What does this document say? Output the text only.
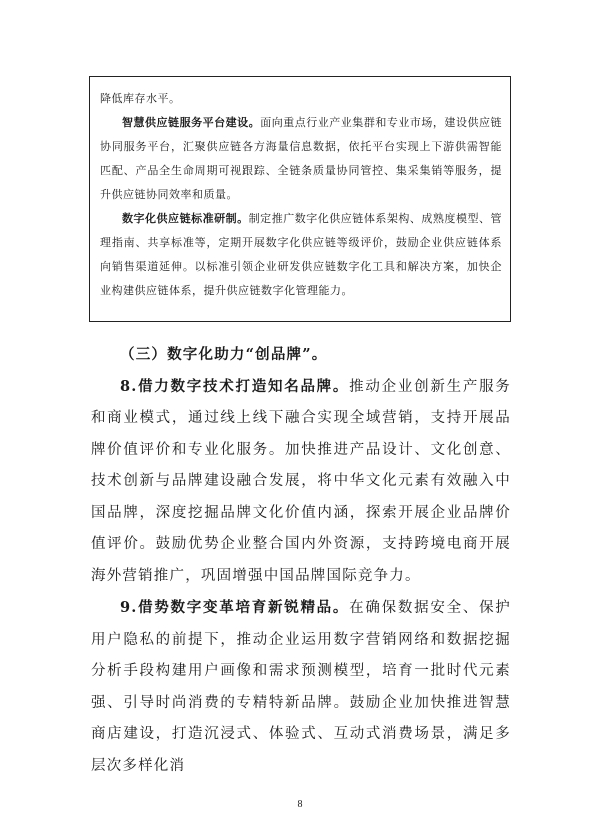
降低库存水平。

智慧供应链服务平台建设。面向重点行业产业集群和专业市场，建设供应链协同服务平台，汇聚供应链各方海量信息数据，依托平台实现上下游供需智能匹配、产品全生命周期可视跟踪、全链条质量协同管控、集采集销等服务，提升供应链协同效率和质量。

数字化供应链标准研制。制定推广数字化供应链体系架构、成熟度模型、管理指南、共享标准等，定期开展数字化供应链等级评价，鼓励企业供应链体系向销售渠道延伸。以标准引领企业研发供应链数字化工具和解决方案，加快企业构建供应链体系，提升供应链数字化管理能力。

（三）数字化助力“创品牌”。

8.借力数字技术打造知名品牌。推动企业创新生产服务和商业模式，通过线上线下融合实现全域营销，支持开展品牌价值评价和专业化服务。加快推进产品设计、文化创意、技术创新与品牌建设融合发展，将中华文化元素有效融入中国品牌，深度挖掘品牌文化价值内涵，探索开展企业品牌价值评价。鼓励优势企业整合国内外资源，支持跨境电商开展海外营销推广，巩固增强中国品牌国际竞争力。

9.借势数字变革培育新锐精品。在确保数据安全、保护用户隐私的前提下，推动企业运用数字营销网络和数据挖掘分析手段构建用户画像和需求预测模型，培育一批时代元素强、引导时尚消费的专精特新品牌。鼓励企业加快推进智慧商店建设，打造沉浸式、体验式、互动式消费场景，满足多层次多样化消

8
